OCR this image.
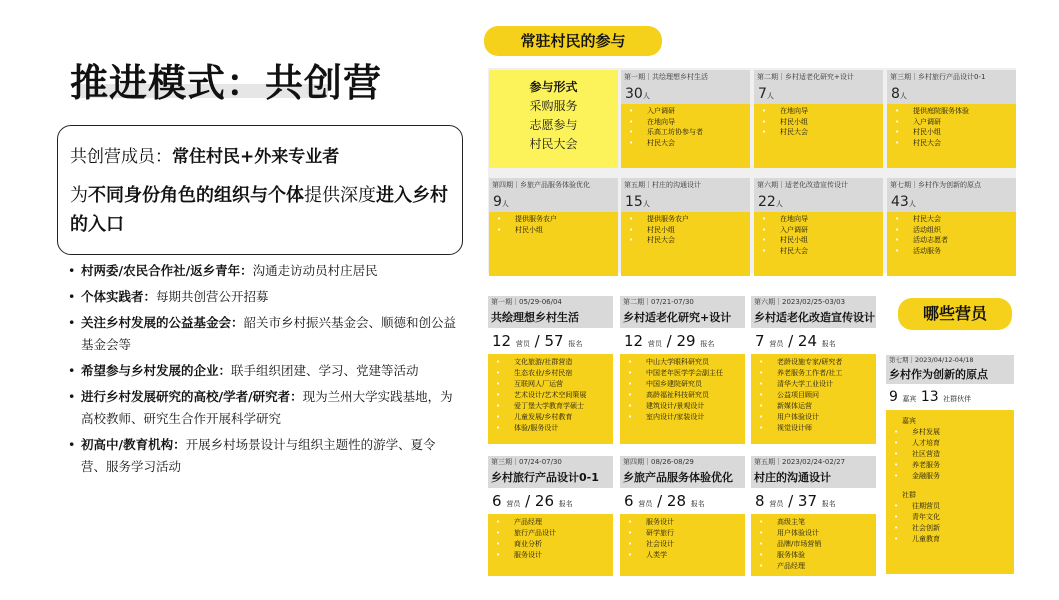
推进模式：共创营
共创营成员：常住村民+外来专业者
为不同身份角色的组织与个体提供深度进入乡村的入口
• 村两委/农民合作社/返乡青年：沟通走访动员村庄居民
• 个体实践者：每期共创营公开招募
• 关注乡村发展的公益基金会：韶关市乡村振兴基金会、顺德和创公益基金会等
• 希望参与乡村发展的企业：联手组织团建、学习、党建等活动
• 进行乡村发展研究的高校/学者/研究者：现为兰州大学实践基地，为高校教师、研究生合作开展科学研究
• 初高中/教育机构：开展乡村场景设计与组织主题性的游学、夏令营、服务学习活动
常驻村民的参与
参与形式
采购服务
志愿参与
村民大会
第一期｜共绘理想乡村生活
30人
• 入户调研
• 在地向导
• 乐高工坊协参与者
• 村民大会
第二期｜乡村适老化研究+设计
7人
• 在地向导
• 村民小组
• 村民大会
第三期｜乡村旅行产品设计0-1
8人
• 提供庭院服务体验
• 入户调研
• 村民小组
• 村民大会
第四期｜乡旅产品服务体验优化
9人
• 提供服务农户
• 村民小组
第五期｜村庄的沟通设计
15人
• 提供服务农户
• 村民小组
• 村民大会
第六期｜适老化改造宣传设计
22人
• 在地向导
• 入户调研
• 村民小组
• 村民大会
第七期｜乡村作为创新的原点
43人
• 村民大会
• 活动组织
• 活动志愿者
• 活动服务
哪些营员
第一期｜05/29-06/04
共绘理想乡村生活
12 营员 / 57 报名
• 文化旅游/社群营造
• 生态农业/乡村民宿
• 互联网人厂运营
• 艺术设计/艺术空间策展
• 爱丁堡大学教育学硕士
• 儿童发展/乡村教育
• 体验/服务设计
第二期｜07/21-07/30
乡村适老化研究+设计
12 营员 / 29 报名
• 中山大学眼科研究员
• 中国老年医学学会副主任
• 中国乡建院研究员
• 高龄福祉科技研究员
• 建筑设计/景观设计
• 室内设计/家装设计
第六期｜2023/02/25-03/03
乡村适老化改造宣传设计
7 营员 / 24 报名
• 老龄设施专家/研究者
• 养老服务工作者/社工
• 清华大学工业设计
• 公益项目顾问
• 新媒体运营
• 用户体验设计
• 视觉设计师
第三期｜07/24-07/30
乡村旅行产品设计0-1
6 营员 / 26 报名
• 产品经理
• 旅行产品设计
• 商业分析
• 服务设计
第四期｜08/26-08/29
乡旅产品服务体验优化
6 营员 / 28 报名
• 服务设计
• 研学旅行
• 社会设计
• 人类学
第五期｜2023/02/24-02/27
村庄的沟通设计
8 营员 / 37 报名
• 高级主笔
• 用户体验设计
• 品牌/市场营销
• 服务体验
• 产品经理
第七期｜2023/04/12-04/18
乡村作为创新的原点
9 嘉宾 13 社群伙伴
嘉宾
• 乡村发展
• 人才培育
• 社区营造
• 养老服务
• 金融服务
社群
• 往期营员
• 青年文化
• 社会创新
• 儿童教育
